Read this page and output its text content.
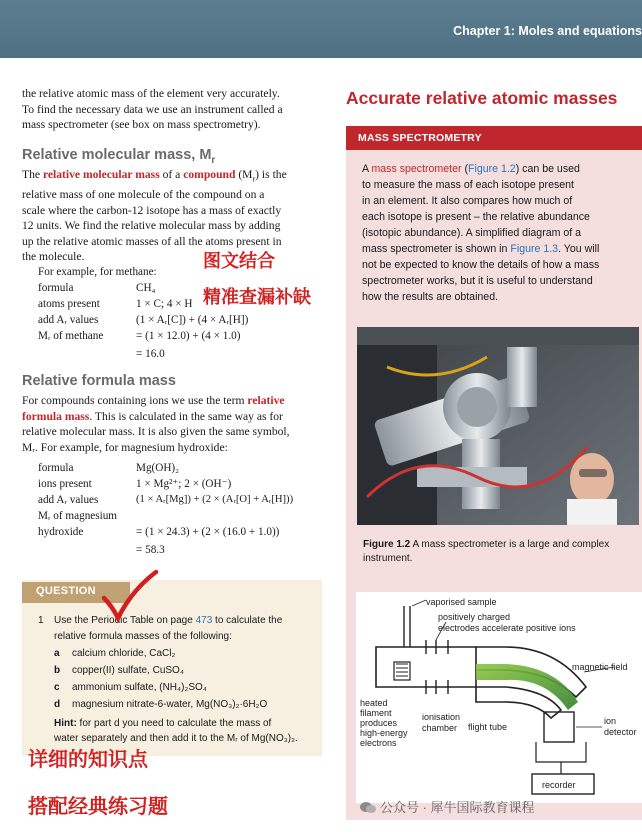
Chapter 1: Moles and equations
the relative atomic mass of the element very accurately.
To find the necessary data we use an instrument called a
mass spectrometer (see box on mass spectrometry).
Relative molecular mass, $M_r$
The relative molecular mass of a compound $(M_r)$ is the
relative mass of one molecule of the compound on a
scale where the carbon-12 isotope has a mass of exactly
12 units. We find the relative molecular mass by adding
up the relative atomic masses of all the atoms present in
the molecule.
For example, for methane:
formula	CH₄
atoms present	1 × C; 4 × H
add Aᵣ values	(1 × Aᵣ[C]) + (4 × Aᵣ[H])
Mᵣ of methane	= (1 × 12.0) + (4 × 1.0)
= 16.0
Relative formula mass
For compounds containing ions we use the term relative
formula mass. This is calculated in the same way as for
relative molecular mass. It is also given the same symbol,
Mᵣ. For example, for magnesium hydroxide:
formula	Mg(OH)₂
ions present	1 × Mg²⁺; 2 × (OH⁻)
add Aᵣ values	(1 × Aᵣ[Mg]) + (2 × (Aᵣ[O] + Aᵣ[H]))
Mᵣ of magnesium
hydroxide	= (1 × 24.3) + (2 × (16.0 + 1.0))
= 58.3
QUESTION
1 Use the Periodic Table on page 473 to calculate the
relative formula masses of the following:
a calcium chloride, CaCl₂
b copper(II) sulfate, CuSO₄
c ammonium sulfate, (NH₄)₂SO₄
d magnesium nitrate-6-water, Mg(NO₃)₂·6H₂O
Hint: for part d you need to calculate the mass of
water separately and then add it to the Mᵣ of Mg(NO₃)₂.
Accurate relative atomic masses
MASS SPECTROMETRY
A mass spectrometer (Figure 1.2) can be used
to measure the mass of each isotope present
in an element. It also compares how much of
each isotope is present – the relative abundance
(isotopic abundance). A simplified diagram of a
mass spectrometer is shown in Figure 1.3. You will
not be expected to know the details of how a mass
spectrometer works, but it is useful to understand
how the results are obtained.
Figure 1.2 A mass spectrometer is a large and complex instrument.
vaporised sample
positively charged
electrodes accelerate positive ions
magnetic field
heated
filament
produces
high-energy
electrons
ionisation
chamber flight tube
ion
detector
recorder
图文结合
精准查漏补缺
详细的知识点
搭配经典练习题	公众号 · 犀牛国际教育课程
